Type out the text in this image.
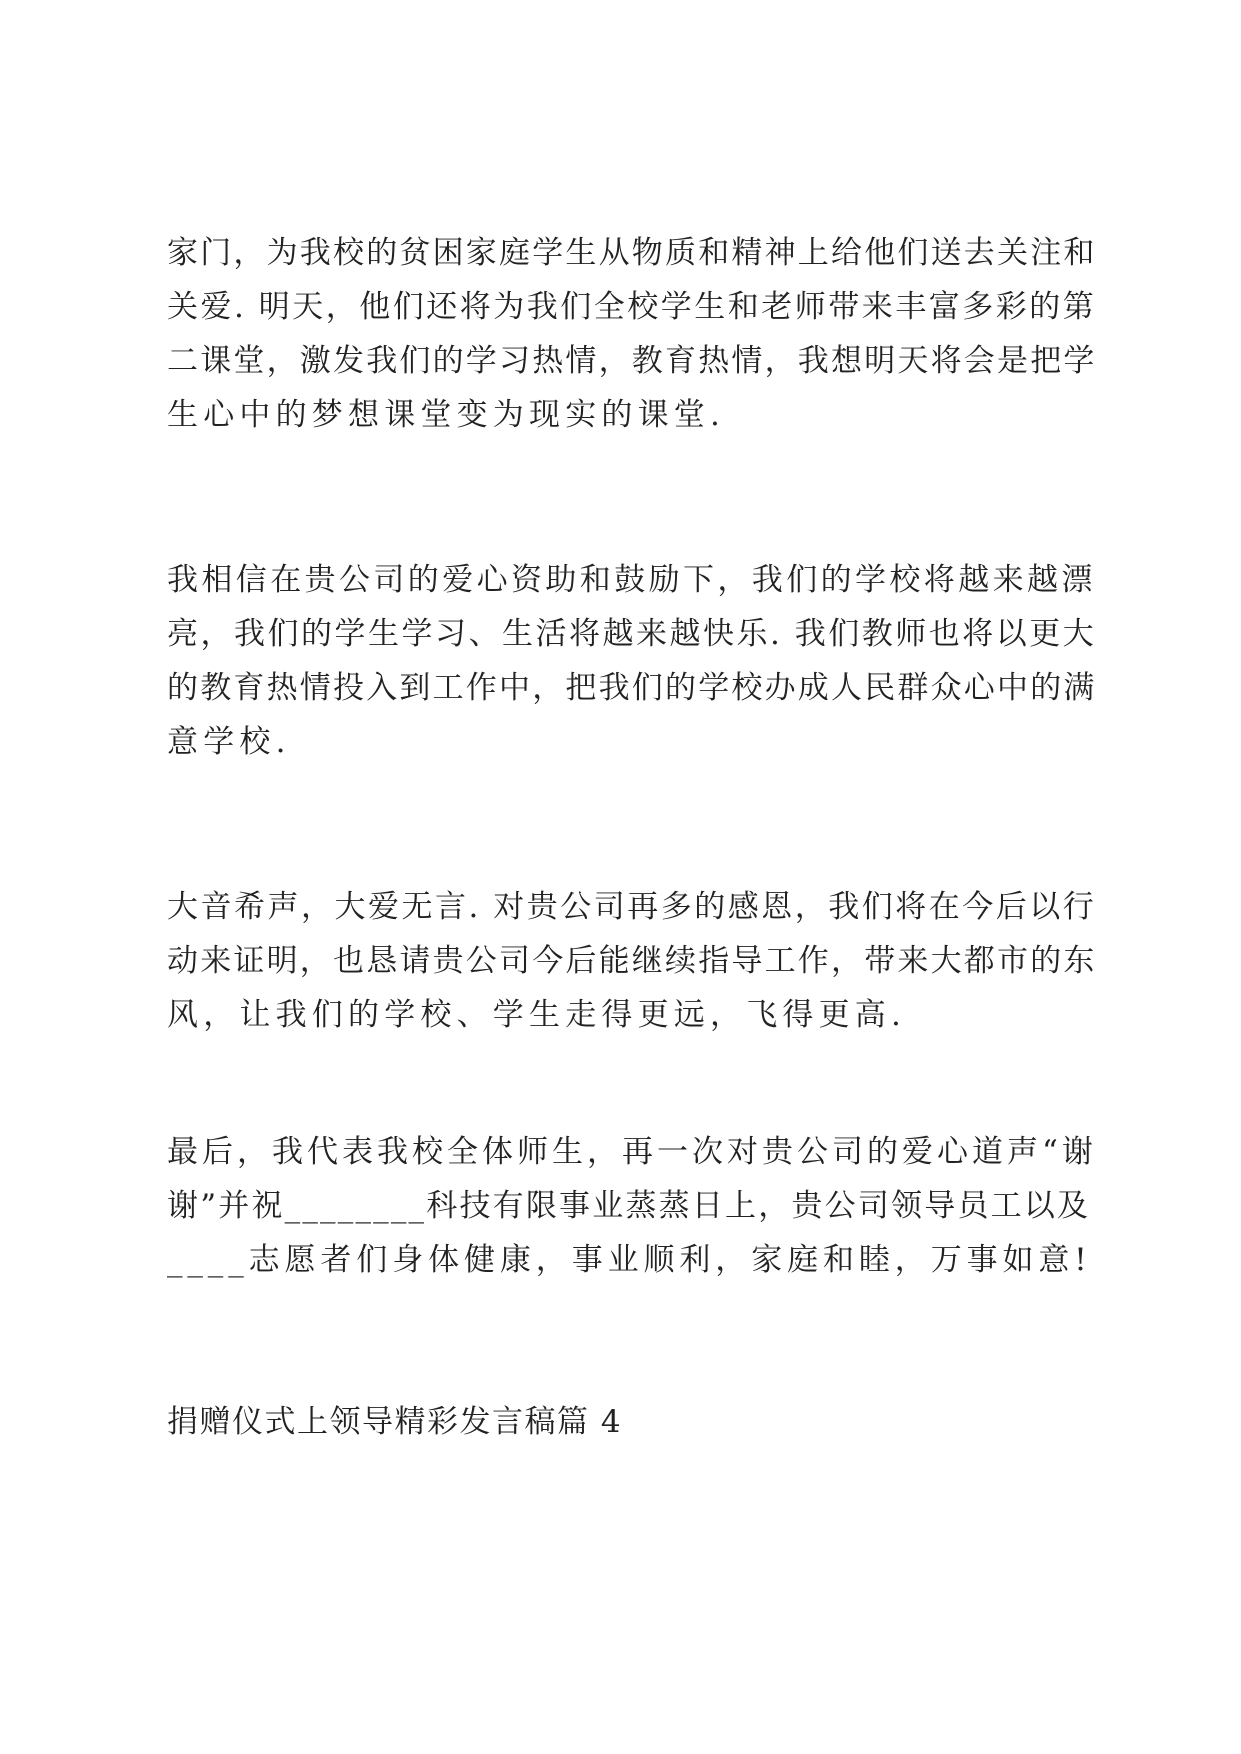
家门，为我校的贫困家庭学生从物质和精神上给他们送去关注和
关爱. 明天，他们还将为我们全校学生和老师带来丰富多彩的第
二课堂，激发我们的学习热情，教育热情，我想明天将会是把学
生心中的梦想课堂变为现实的课堂.
我相信在贵公司的爱心资助和鼓励下，我们的学校将越来越漂
亮，我们的学生学习、生活将越来越快乐. 我们教师也将以更大
的教育热情投入到工作中，把我们的学校办成人民群众心中的满
意学校.
大音希声，大爱无言. 对贵公司再多的感恩，我们将在今后以行
动来证明，也恳请贵公司今后能继续指导工作，带来大都市的东
风，让我们的学校、学生走得更远，飞得更高.
最后，我代表我校全体师生，再一次对贵公司的爱心道声“谢
谢”并祝________科技有限事业蒸蒸日上，贵公司领导员工以及
____志愿者们身体健康，事业顺利，家庭和睦，万事如意!
捐赠仪式上领导精彩发言稿篇 4
